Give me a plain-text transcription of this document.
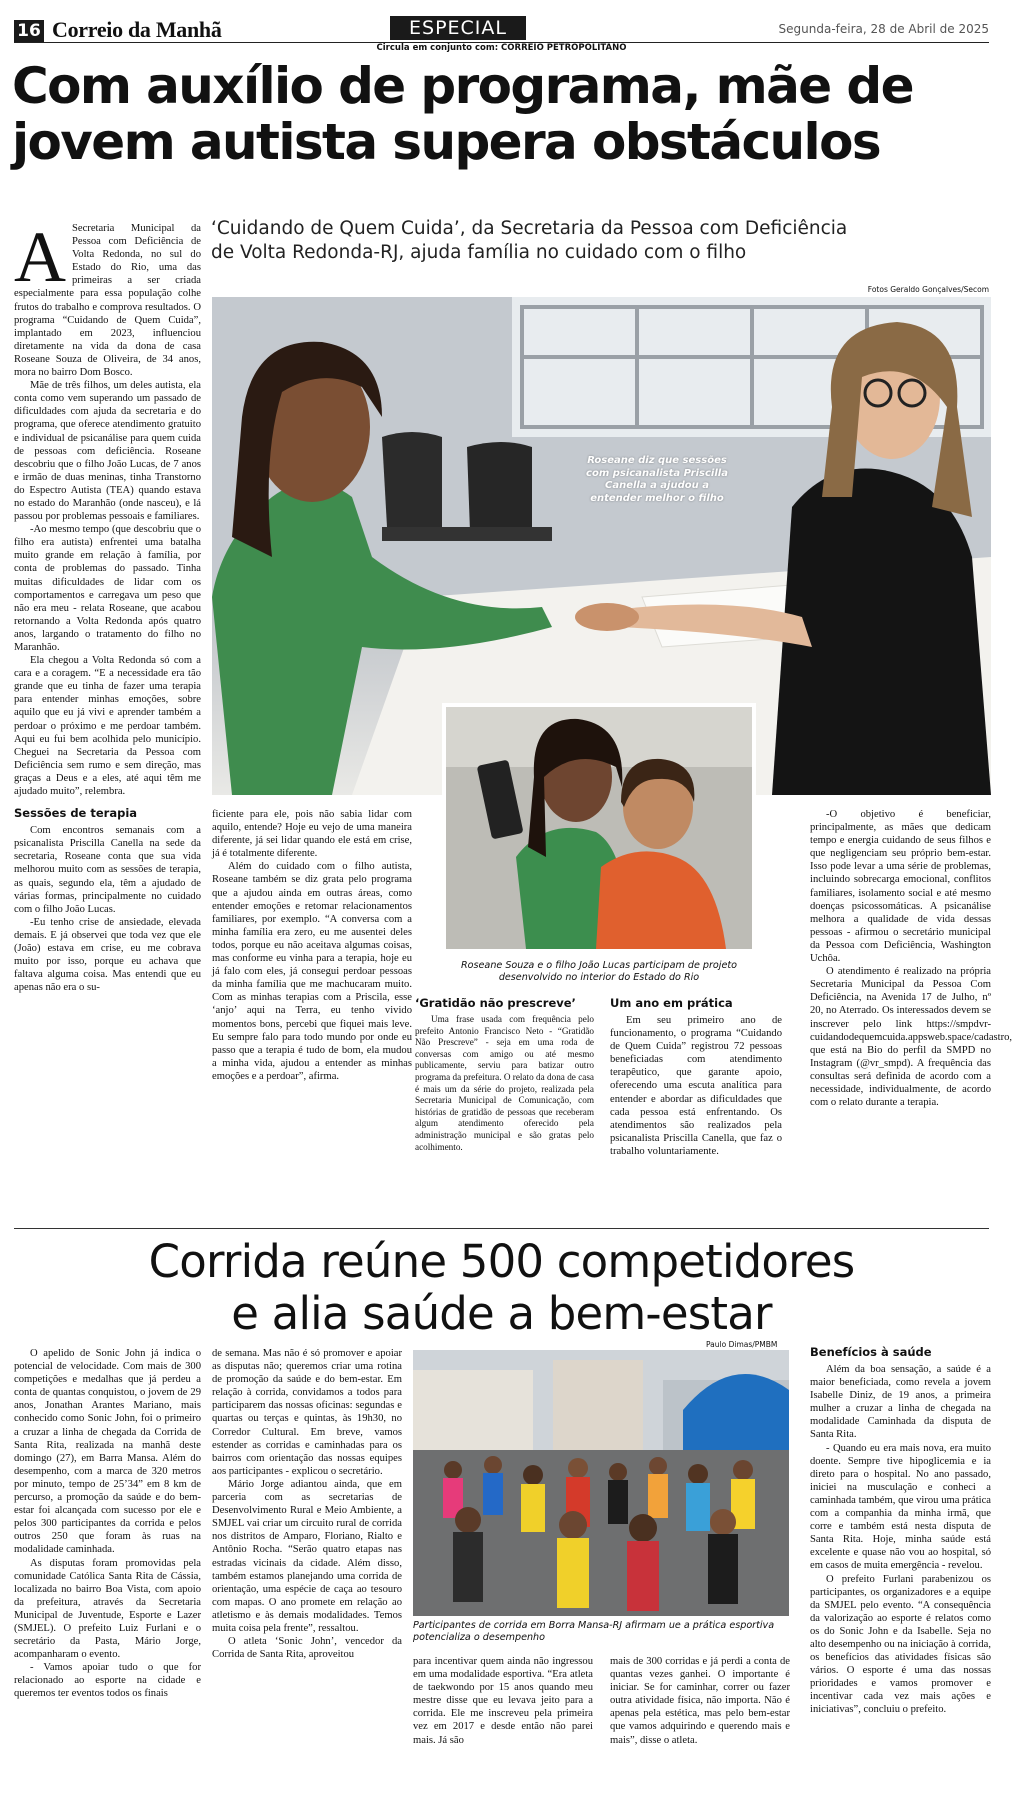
16 Correio da Manhã	ESPECIAL	Segunda-feira, 28 de Abril de 2025
Circula em conjunto com: CORREIO PETROPOLITANO
Com auxílio de programa, mãe de
jovem autista supera obstáculos
‘Cuidando de Quem Cuida’, da Secretaria da Pessoa com Deficiência
de Volta Redonda-RJ, ajuda família no cuidado com o filho
Fotos Geraldo Gonçalves/Secom
Roseane diz que sessões com psicanalista Priscilla Canella a ajudou a entender melhor o filho
Roseane Souza e o filho João Lucas participam de projeto desenvolvido no interior do Estado do Rio

A Secretaria Municipal da Pessoa com Deficiência de Volta Redonda, no sul do Estado do Rio, uma das primeiras a ser criada especialmente para essa população colhe frutos do trabalho e comprova resultados. O programa “Cuidando de Quem Cuida”, implantado em 2023, influenciou diretamente na vida da dona de casa Roseane Souza de Oliveira, de 34 anos, mora no bairro Dom Bosco.

Mãe de três filhos, um deles autista, ela conta como vem superando um passado de dificuldades com ajuda da secretaria e do programa, que oferece atendimento gratuito e individual de psicanálise para quem cuida de pessoas com deficiência. Roseane descobriu que o filho João Lucas, de 7 anos e irmão de duas meninas, tinha Transtorno do Espectro Autista (TEA) quando estava no estado do Maranhão (onde nasceu), e lá passou por problemas pessoais e familiares.

-Ao mesmo tempo (que descobriu que o filho era autista) enfrentei uma batalha muito grande em relação à família, por conta de problemas do passado. Tinha muitas dificuldades de lidar com os comportamentos e carregava um peso que não era meu - relata Roseane, que acabou retornando a Volta Redonda após quatro anos, largando o tratamento do filho no Maranhão.

Ela chegou a Volta Redonda só com a cara e a coragem. “E a necessidade era tão grande que eu tinha de fazer uma terapia para entender minhas emoções, sobre aquilo que eu já vivi e aprender também a perdoar o próximo e me perdoar também. Aqui eu fui bem acolhida pelo município. Cheguei na Secretaria da Pessoa com Deficiência sem rumo e sem direção, mas graças a Deus e a eles, até aqui têm me ajudado muito”, relembra.

Sessões de terapia

Com encontros semanais com a psicanalista Priscilla Canella na sede da secretaria, Roseane conta que sua vida melhorou muito com as sessões de terapia, as quais, segundo ela, têm a ajudado de várias formas, principalmente no cuidado com o filho João Lucas.

-Eu tenho crise de ansiedade, elevada demais. E já observei que toda vez que ele (João) estava em crise, eu me cobrava muito por isso, porque eu achava que faltava alguma coisa. Mas entendi que eu apenas não era o su-

ficiente para ele, pois não sabia lidar com aquilo, entende? Hoje eu vejo de uma maneira diferente, já sei lidar quando ele está em crise, já é totalmente diferente.

Além do cuidado com o filho autista, Roseane também se diz grata pelo programa que a ajudou ainda em outras áreas, como entender emoções e retomar relacionamentos familiares, por exemplo. “A conversa com a minha família era zero, eu me ausentei deles todos, porque eu não aceitava algumas coisas, mas conforme eu vinha para a terapia, hoje eu já falo com eles, já consegui perdoar pessoas da minha família que me machucaram muito. Com as minhas terapias com a Priscila, esse ‘anjo’ aqui na Terra, eu tenho vivido momentos bons, percebi que fiquei mais leve. Eu sempre falo para todo mundo por onde eu passo que a terapia é tudo de bom, ela mudou a minha vida, ajudou a entender as minhas emoções e a perdoar”, afirma.

‘Gratidão não prescreve’

Uma frase usada com frequência pelo prefeito Antonio Francisco Neto - “Gratidão Não Prescreve” - seja em uma roda de conversas com amigo ou até mesmo publicamente, serviu para batizar outro programa da prefeitura. O relato da dona de casa é mais um da série do projeto, realizada pela Secretaria Municipal de Comunicação, com histórias de gratidão de pessoas que receberam algum atendimento oferecido pela administração municipal e são gratas pelo acolhimento.

Um ano em prática

Em seu primeiro ano de funcionamento, o programa “Cuidando de Quem Cuida” registrou 72 pessoas beneficiadas com atendimento terapêutico, que garante apoio, oferecendo uma escuta analítica para entender e abordar as dificuldades que cada pessoa está enfrentando. Os atendimentos são realizados pela psicanalista Priscilla Canella, que faz o trabalho voluntariamente.

-O objetivo é beneficiar, principalmente, as mães que dedicam tempo e energia cuidando de seus filhos e que negligenciam seu próprio bem-estar. Isso pode levar a uma série de problemas, incluindo sobrecarga emocional, conflitos familiares, isolamento social e até mesmo doenças psicossomáticas. A psicanálise melhora a qualidade de vida dessas pessoas - afirmou o secretário municipal da Pessoa com Deficiência, Washington Uchôa.

O atendimento é realizado na própria Secretaria Municipal da Pessoa Com Deficiência, na Avenida 17 de Julho, nº 20, no Aterrado. Os interessados devem se inscrever pelo link https://smpdvr-cuidandodequemcuida.appsweb.space/cadastro, que está na Bio do perfil da SMPD no Instagram (@vr_smpd). A frequência das consultas será definida de acordo com a necessidade, individualmente, de acordo com o relato durante a terapia.

Corrida reúne 500 competidores
e alia saúde a bem-estar
Paulo Dimas/PMBM
Participantes de corrida em Borra Mansa-RJ afirmam ue a prática esportiva potencializa o desempenho

O apelido de Sonic John já indica o potencial de velocidade. Com mais de 300 competições e medalhas que já perdeu a conta de quantas conquistou, o jovem de 29 anos, Jonathan Arantes Mariano, mais conhecido como Sonic John, foi o primeiro a cruzar a linha de chegada da Corrida de Santa Rita, realizada na manhã deste domingo (27), em Barra Mansa. Além do desempenho, com a marca de 320 metros por minuto, tempo de 25’34” em 8 km de percurso, a promoção da saúde e do bem-estar foi alcançada com sucesso por ele e pelos 300 participantes da corrida e pelos outros 250 que foram às ruas na modalidade caminhada.

As disputas foram promovidas pela comunidade Católica Santa Rita de Cássia, localizada no bairro Boa Vista, com apoio da prefeitura, através da Secretaria Municipal de Juventude, Esporte e Lazer (SMJEL). O prefeito Luiz Furlani e o secretário da Pasta, Mário Jorge, acompanharam o evento.

- Vamos apoiar tudo o que for relacionado ao esporte na cidade e queremos ter eventos todos os finais

de semana. Mas não é só promover e apoiar as disputas não; queremos criar uma rotina de promoção da saúde e do bem-estar. Em relação à corrida, convidamos a todos para participarem das nossas oficinas: segundas e quartas ou terças e quintas, às 19h30, no Corredor Cultural. Em breve, vamos estender as corridas e caminhadas para os bairros com orientação das nossas equipes aos participantes - explicou o secretário.

Mário Jorge adiantou ainda, que em parceria com as secretarias de Desenvolvimento Rural e Meio Ambiente, a SMJEL vai criar um circuito rural de corrida nos distritos de Amparo, Floriano, Rialto e Antônio Rocha. “Serão quatro etapas nas estradas vicinais da cidade. Além disso, também estamos planejando uma corrida de orientação, uma espécie de caça ao tesouro com mapas. O ano promete em relação ao atletismo e às demais modalidades. Temos muita coisa pela frente”, ressaltou.

O atleta ‘Sonic John’, vencedor da Corrida de Santa Rita, aproveitou

para incentivar quem ainda não ingressou em uma modalidade esportiva. “Era atleta de taekwondo por 15 anos quando meu mestre disse que eu levava jeito para a corrida. Ele me inscreveu pela primeira vez em 2017 e desde então não parei mais. Já são

mais de 300 corridas e já perdi a conta de quantas vezes ganhei. O importante é iniciar. Se for caminhar, correr ou fazer outra atividade física, não importa. Não é apenas pela estética, mas pelo bem-estar que vamos adquirindo e querendo mais e mais”, disse o atleta.

Benefícios à saúde

Além da boa sensação, a saúde é a maior beneficiada, como revela a jovem Isabelle Diniz, de 19 anos, a primeira mulher a cruzar a linha de chegada na modalidade Caminhada da disputa de Santa Rita.

- Quando eu era mais nova, era muito doente. Sempre tive hipoglicemia e ia direto para o hospital. No ano passado, iniciei na musculação e conheci a caminhada também, que virou uma prática com a companhia da minha irmã, que corre e também está nesta disputa de Santa Rita. Hoje, minha saúde está excelente e quase não vou ao hospital, só em casos de muita emergência - revelou.

O prefeito Furlani parabenizou os participantes, os organizadores e a equipe da SMJEL pelo evento. “A consequência da valorização ao esporte é relatos como os do Sonic John e da Isabelle. Seja no alto desempenho ou na iniciação à corrida, os benefícios das atividades físicas são vários. O esporte é uma das nossas prioridades e vamos promover e incentivar cada vez mais ações e iniciativas”, concluiu o prefeito.
